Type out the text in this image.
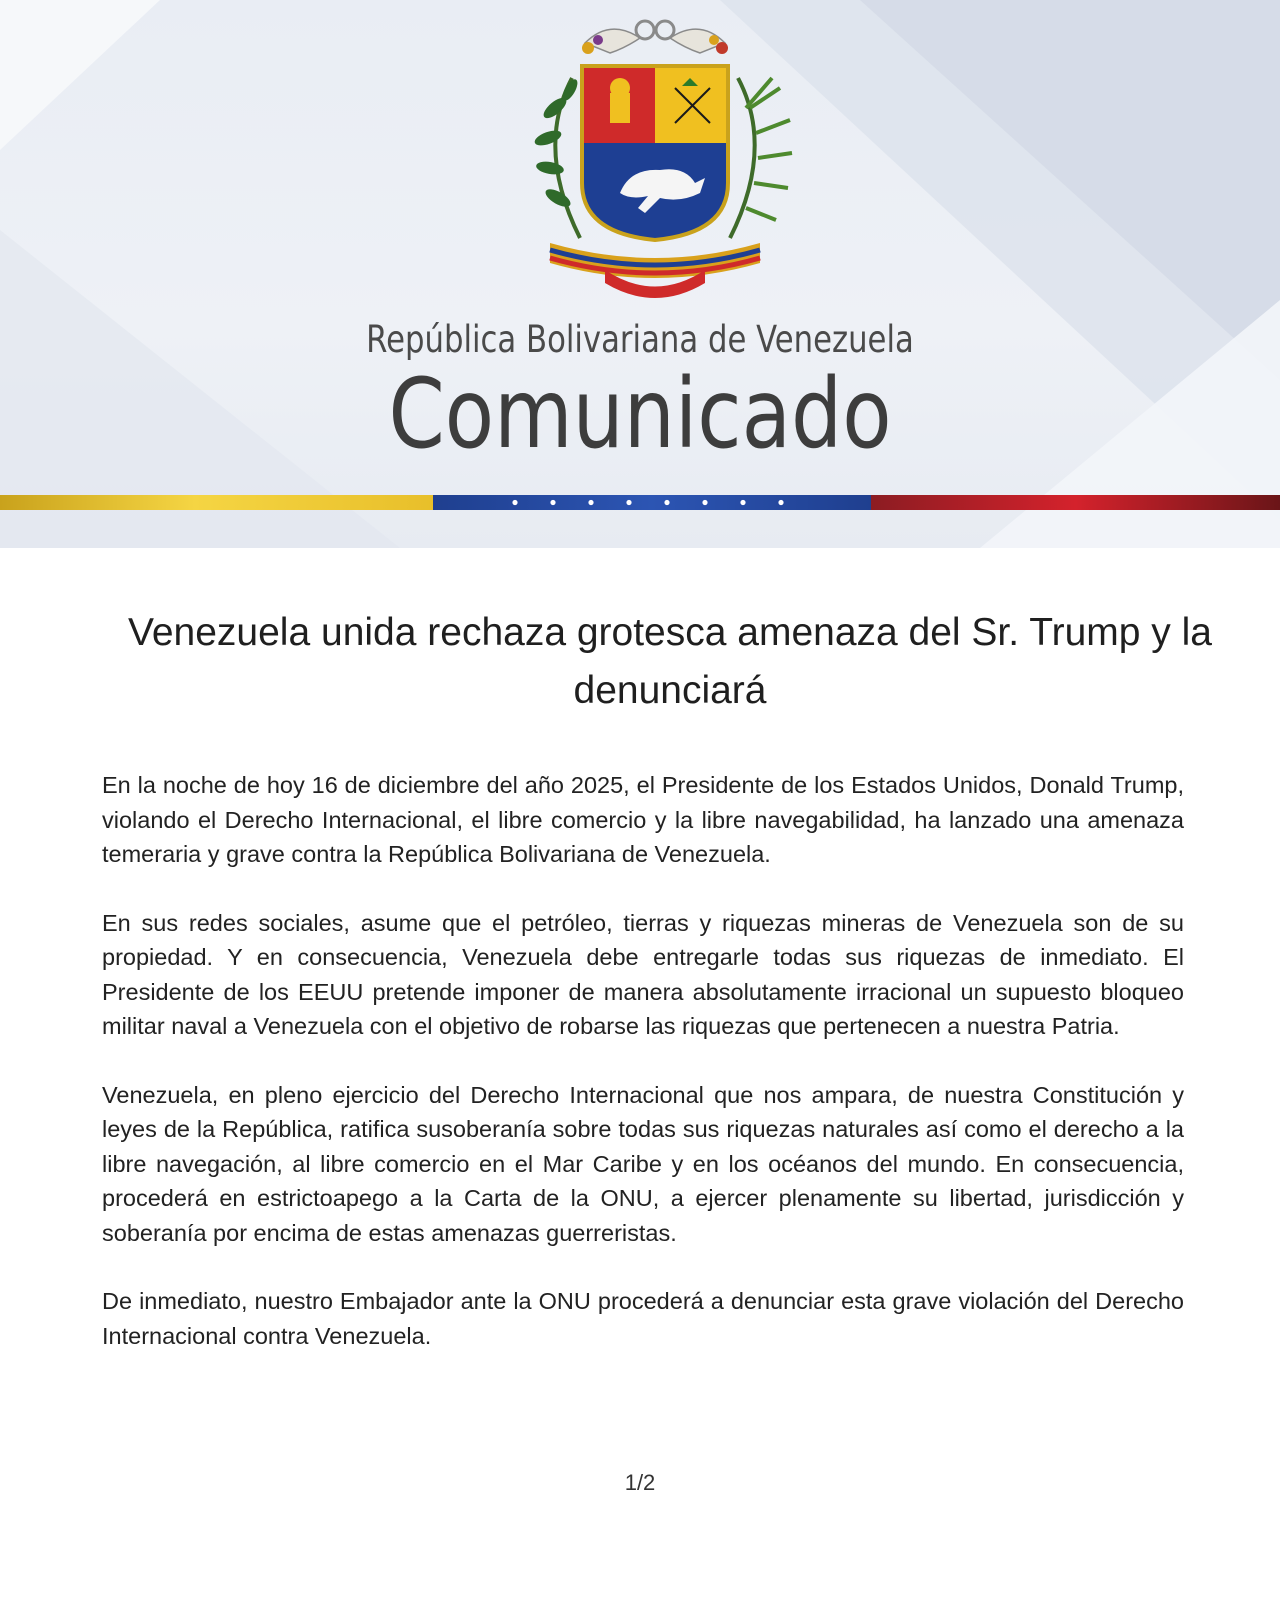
República Bolivariana de Venezuela
Comunicado
Venezuela unida rechaza grotesca amenaza del Sr. Trump y la denunciará

En la noche de hoy 16 de diciembre del año 2025, el Presidente de los Estados Unidos, Donald Trump, violando el Derecho Internacional, el libre comercio y la libre navegabilidad, ha lanzado una amenaza temeraria y grave contra la República Bolivariana de Venezuela.

En sus redes sociales, asume que el petróleo, tierras y riquezas mineras de Venezuela son de su propiedad. Y en consecuencia, Venezuela debe entregarle todas sus riquezas de inmediato. El Presidente de los EEUU pretende imponer de manera absolutamente irracional un supuesto bloqueo militar naval a Venezuela con el objetivo de robarse las riquezas que pertenecen a nuestra Patria.

Venezuela, en pleno ejercicio del Derecho Internacional que nos ampara, de nuestra Constitución y leyes de la República, ratifica susoberanía sobre todas sus riquezas naturales así como el derecho a la libre navegación, al libre comercio en el Mar Caribe y en los océanos del mundo. En consecuencia, procederá en estrictoapego a la Carta de la ONU, a ejercer plenamente su libertad, jurisdicción y soberanía por encima de estas amenazas guerreristas.

De inmediato, nuestro Embajador ante la ONU procederá a denunciar esta grave violación del Derecho Internacional contra Venezuela.

1/2
